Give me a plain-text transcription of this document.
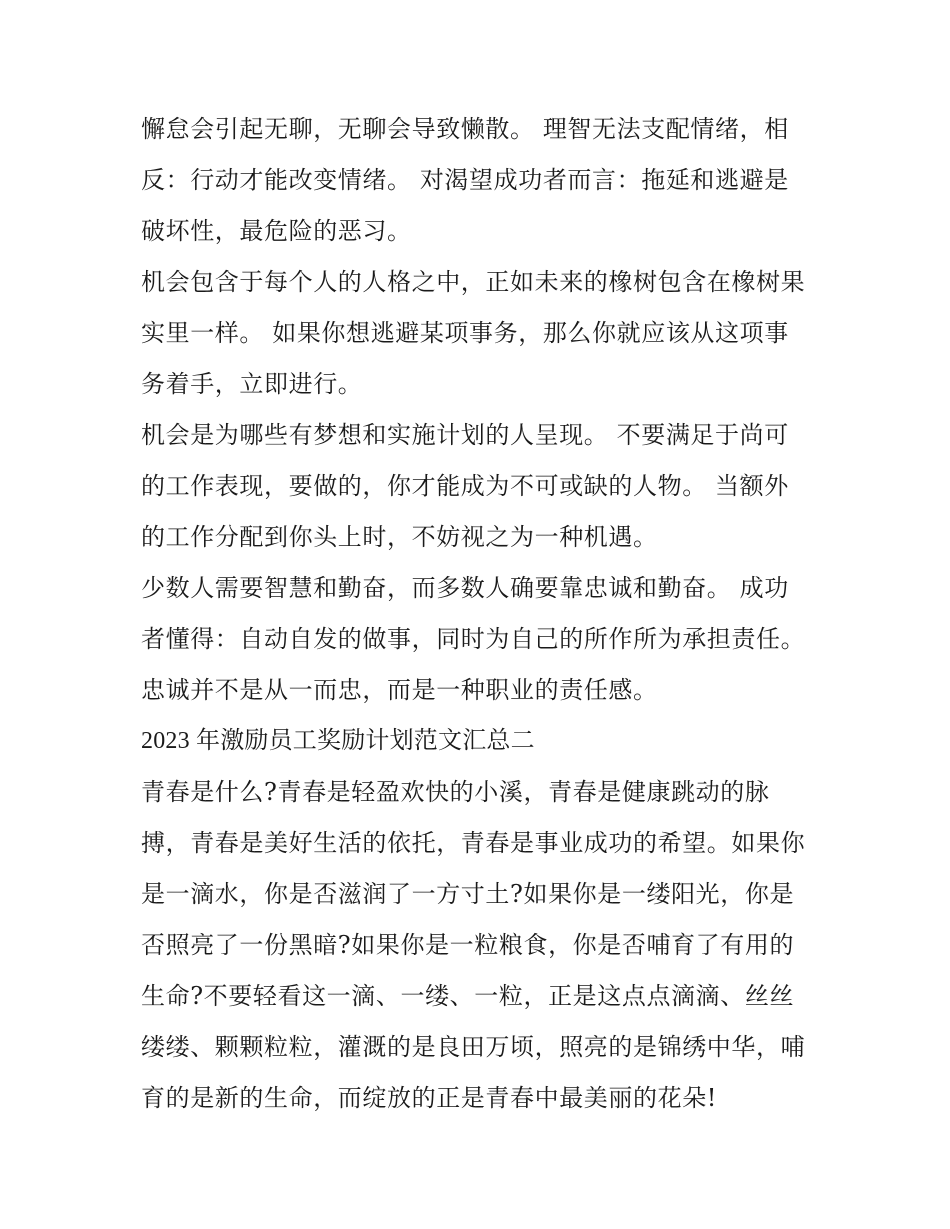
懈怠会引起无聊，无聊会导致懒散。 理智无法支配情绪，相
反：行动才能改变情绪。 对渴望成功者而言：拖延和逃避是
破坏性，最危险的恶习。
机会包含于每个人的人格之中，正如未来的橡树包含在橡树果
实里一样。 如果你想逃避某项事务，那么你就应该从这项事
务着手，立即进行。
机会是为哪些有梦想和实施计划的人呈现。 不要满足于尚可
的工作表现，要做的，你才能成为不可或缺的人物。 当额外
的工作分配到你头上时，不妨视之为一种机遇。
少数人需要智慧和勤奋，而多数人确要靠忠诚和勤奋。 成功
者懂得：自动自发的做事，同时为自己的所作所为承担责任。
忠诚并不是从一而忠，而是一种职业的责任感。
2023 年激励员工奖励计划范文汇总二
青春是什么?青春是轻盈欢快的小溪，青春是健康跳动的脉
搏，青春是美好生活的依托，青春是事业成功的希望。如果你
是一滴水，你是否滋润了一方寸土?如果你是一缕阳光，你是
否照亮了一份黑暗?如果你是一粒粮食，你是否哺育了有用的
生命?不要轻看这一滴、一缕、一粒，正是这点点滴滴、丝丝
缕缕、颗颗粒粒，灌溉的是良田万顷，照亮的是锦绣中华，哺
育的是新的生命，而绽放的正是青春中最美丽的花朵!
